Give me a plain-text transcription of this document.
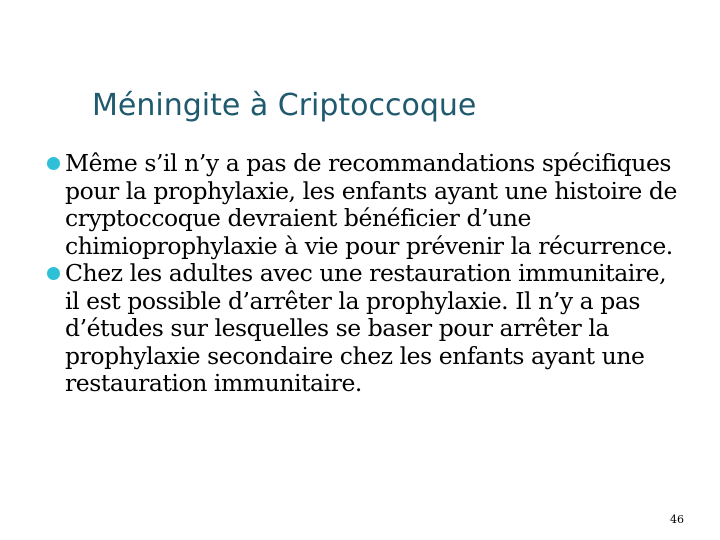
Méningite à Criptoccoque
Même s’il n’y a pas de recommandations spécifiques pour la prophylaxie, les enfants ayant une histoire de cryptoccoque devraient bénéficier d’une chimioprophylaxie à vie pour prévenir la récurrence.
Chez les adultes avec une restauration immunitaire, il est possible d’arrêter la prophylaxie. Il n’y a pas d’études sur lesquelles se baser pour arrêter la prophylaxie secondaire chez les enfants ayant une restauration immunitaire.
46
